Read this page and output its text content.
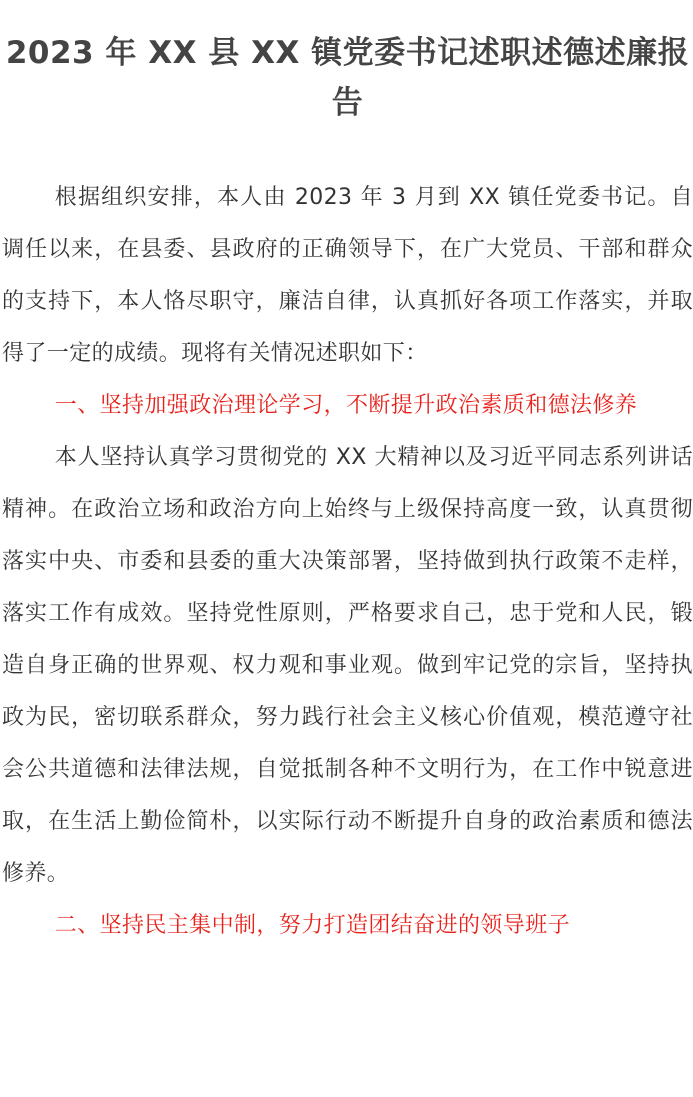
2023 年 XX 县 XX 镇党委书记述职述德述廉报告

根据组织安排，本人由 2023 年 3 月到 XX 镇任党委书记。自调任以来，在县委、县政府的正确领导下，在广大党员、干部和群众的支持下，本人恪尽职守，廉洁自律，认真抓好各项工作落实，并取得了一定的成绩。现将有关情况述职如下：

一、坚持加强政治理论学习，不断提升政治素质和德法修养

本人坚持认真学习贯彻党的 XX 大精神以及习近平同志系列讲话精神。在政治立场和政治方向上始终与上级保持高度一致，认真贯彻落实中央、市委和县委的重大决策部署，坚持做到执行政策不走样，落实工作有成效。坚持党性原则，严格要求自己，忠于党和人民，锻造自身正确的世界观、权力观和事业观。做到牢记党的宗旨，坚持执政为民，密切联系群众，努力践行社会主义核心价值观，模范遵守社会公共道德和法律法规，自觉抵制各种不文明行为，在工作中锐意进取，在生活上勤俭简朴，以实际行动不断提升自身的政治素质和德法修养。

二、坚持民主集中制，努力打造团结奋进的领导班子
